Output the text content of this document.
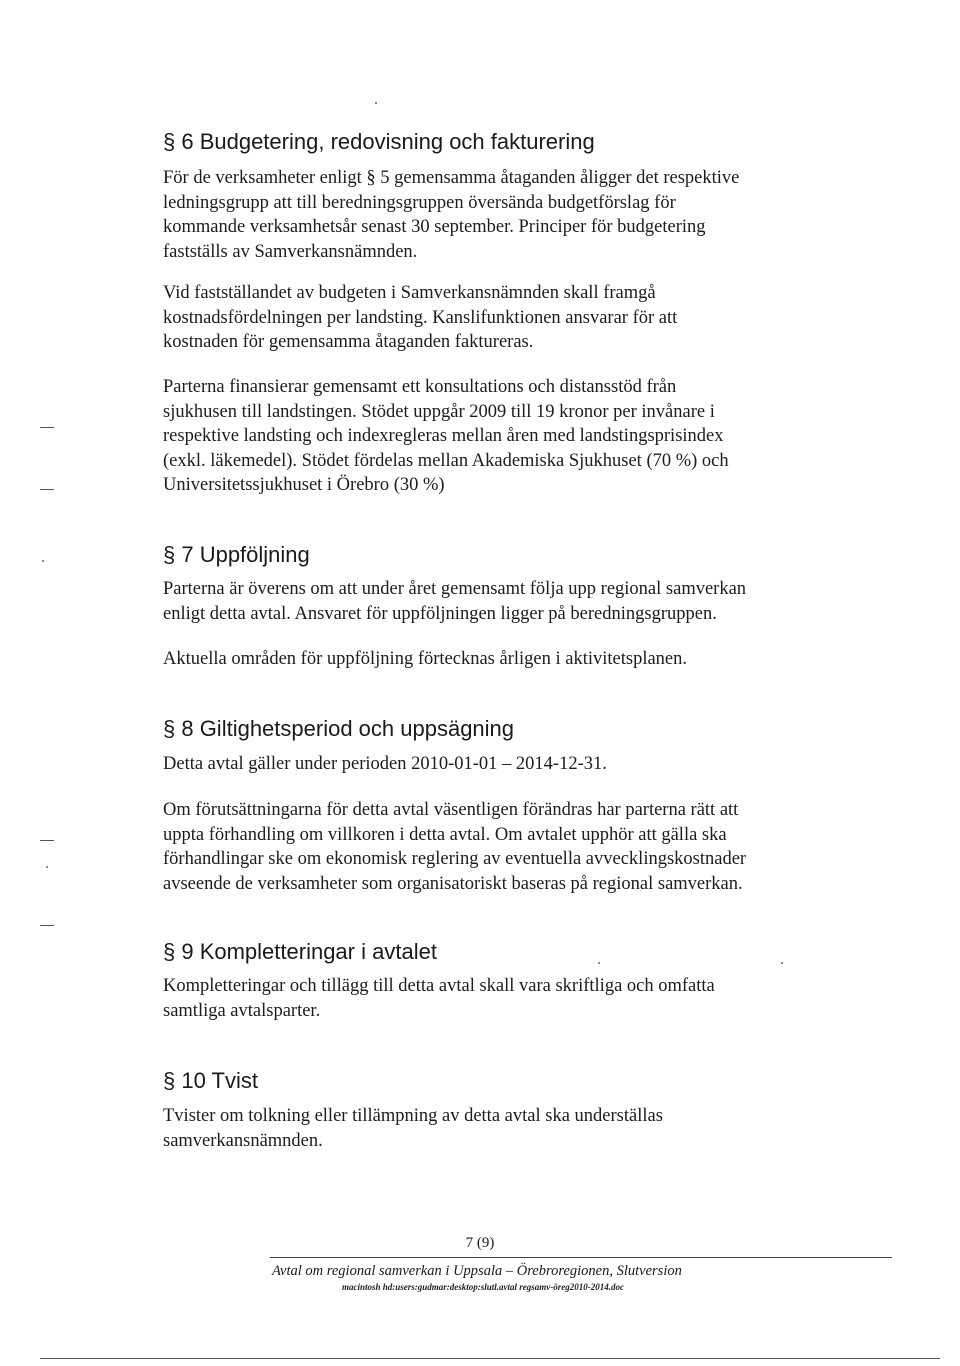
§ 6 Budgetering, redovisning och fakturering
För de verksamheter enligt § 5 gemensamma åtaganden åligger det respektive
ledningsgrupp att till beredningsgruppen översända budgetförslag för
kommande verksamhetsår senast 30 september. Principer för budgetering
fastställs av Samverkansnämnden.
Vid fastställandet av budgeten i Samverkansnämnden skall framgå
kostnadsfördelningen per landsting. Kanslifunktionen ansvarar för att
kostnaden för gemensamma åtaganden faktureras.
Parterna finansierar gemensamt ett konsultations och distansstöd från
sjukhusen till landstingen. Stödet uppgår 2009 till 19 kronor per invånare i
respektive landsting och indexregleras mellan åren med landstingsprisindex
(exkl. läkemedel). Stödet fördelas mellan Akademiska Sjukhuset (70 %) och
Universitetssjukhuset i Örebro (30 %)
§ 7 Uppföljning
Parterna är överens om att under året gemensamt följa upp regional samverkan
enligt detta avtal. Ansvaret för uppföljningen ligger på beredningsgruppen.
Aktuella områden för uppföljning förtecknas årligen i aktivitetsplanen.
§ 8 Giltighetsperiod och uppsägning
Detta avtal gäller under perioden 2010-01-01 – 2014-12-31.
Om förutsättningarna för detta avtal väsentligen förändras har parterna rätt att
uppta förhandling om villkoren i detta avtal. Om avtalet upphör att gälla ska
förhandlingar ske om ekonomisk reglering av eventuella avvecklingskostnader
avseende de verksamheter som organisatoriskt baseras på regional samverkan.
§ 9 Kompletteringar i avtalet
Kompletteringar och tillägg till detta avtal skall vara skriftliga och omfatta
samtliga avtalsparter.
§ 10 Tvist
Tvister om tolkning eller tillämpning av detta avtal ska underställas
samverkansnämnden.
7 (9)
Avtal om regional samverkan i Uppsala – Örebroregionen, Slutversion
macintosh hd:users:gudmar:desktop:slutl.avtal regsamv-öreg2010-2014.doc
